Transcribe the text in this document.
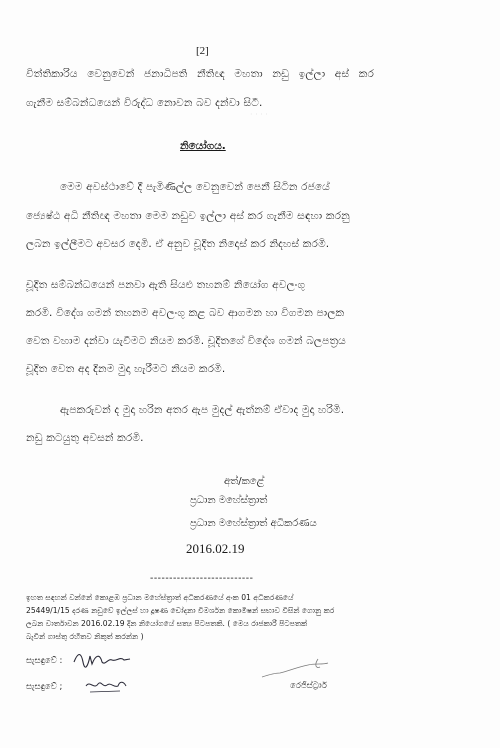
· · · ·
[2]
විත්තිකාරිය වෙනුවෙන් ජනාධිපති නීතිඥ මහතා නඩු ඉල්ලා අස් කර
ගැනීම සම්බන්ධයෙන් විරුද්ධ නොවන බව දන්වා සිටී.
නියෝගය.
මෙම අවස්ථාවේ දී පැමිණිල්ල වෙනුවෙන් පෙනී සිටින රජයේ
ජ්‍යෙෂ්ඨ අධි නීතිඥ මහතා මෙම නඩුව ඉල්ලා අස් කර ගැනීම සඳහා කරනු
ලබන ඉල්ලීමට අවසර දෙමි. ඒ අනුව චූදිත නිදොස් කර නිදහස් කරමි.
චූදිත සම්බන්ධයෙන් පනවා ඇති සියළු තහනම් නියෝග අවලංගු
කරමි. විදේශ ගමන් තහනම අවලංගු කළ බව ආගමන හා විගමන පාලක
වෙත වහාම දන්වා යැවීමට නියම කරමි. චූදිතගේ විදේශ ගමන් බලපත්‍රය
චූදිත වෙත අද දිනම මුදා හැරීමට නියම කරමි.
ඇපකරුවන් ද මුදා හරින අතර ඇප මුදල් ඇත්නම් ඒවාද මුදා හරිමි.
නඩු කටයුතු අවසන් කරමි.
අත්/කළේ
ප්‍රධාන මහේස්ත්‍රාත්
ප්‍රධාන මහේස්ත්‍රාත් අධිකරණය
2016.02.19
---------------------------
ඉහත සඳහන් වන්නේ කොළඹ ප්‍රධාන මහේස්ත්‍රාත් අධිකරණයේ අංක 01 අධිකරණයේ
25449/1/15 දරණ නඩුවේ ඉල්ලස් හා දූෂණ චෝදනා විමර්ශන කොමිෂන් සභාව විසින් ගොනු කර
ලබන වාර්තාවන 2016.02.19 දින නියෝගයේ සත්‍ය පිටපතකි. ( මෙය රාජකාරී පිටපතක්
බැවින් ගාස්තු රහිතව නිකුත් කරන්න )
සැසඳුවේ :
සැසඳුවේ ;	රෙජිස්ට්‍රාර්
